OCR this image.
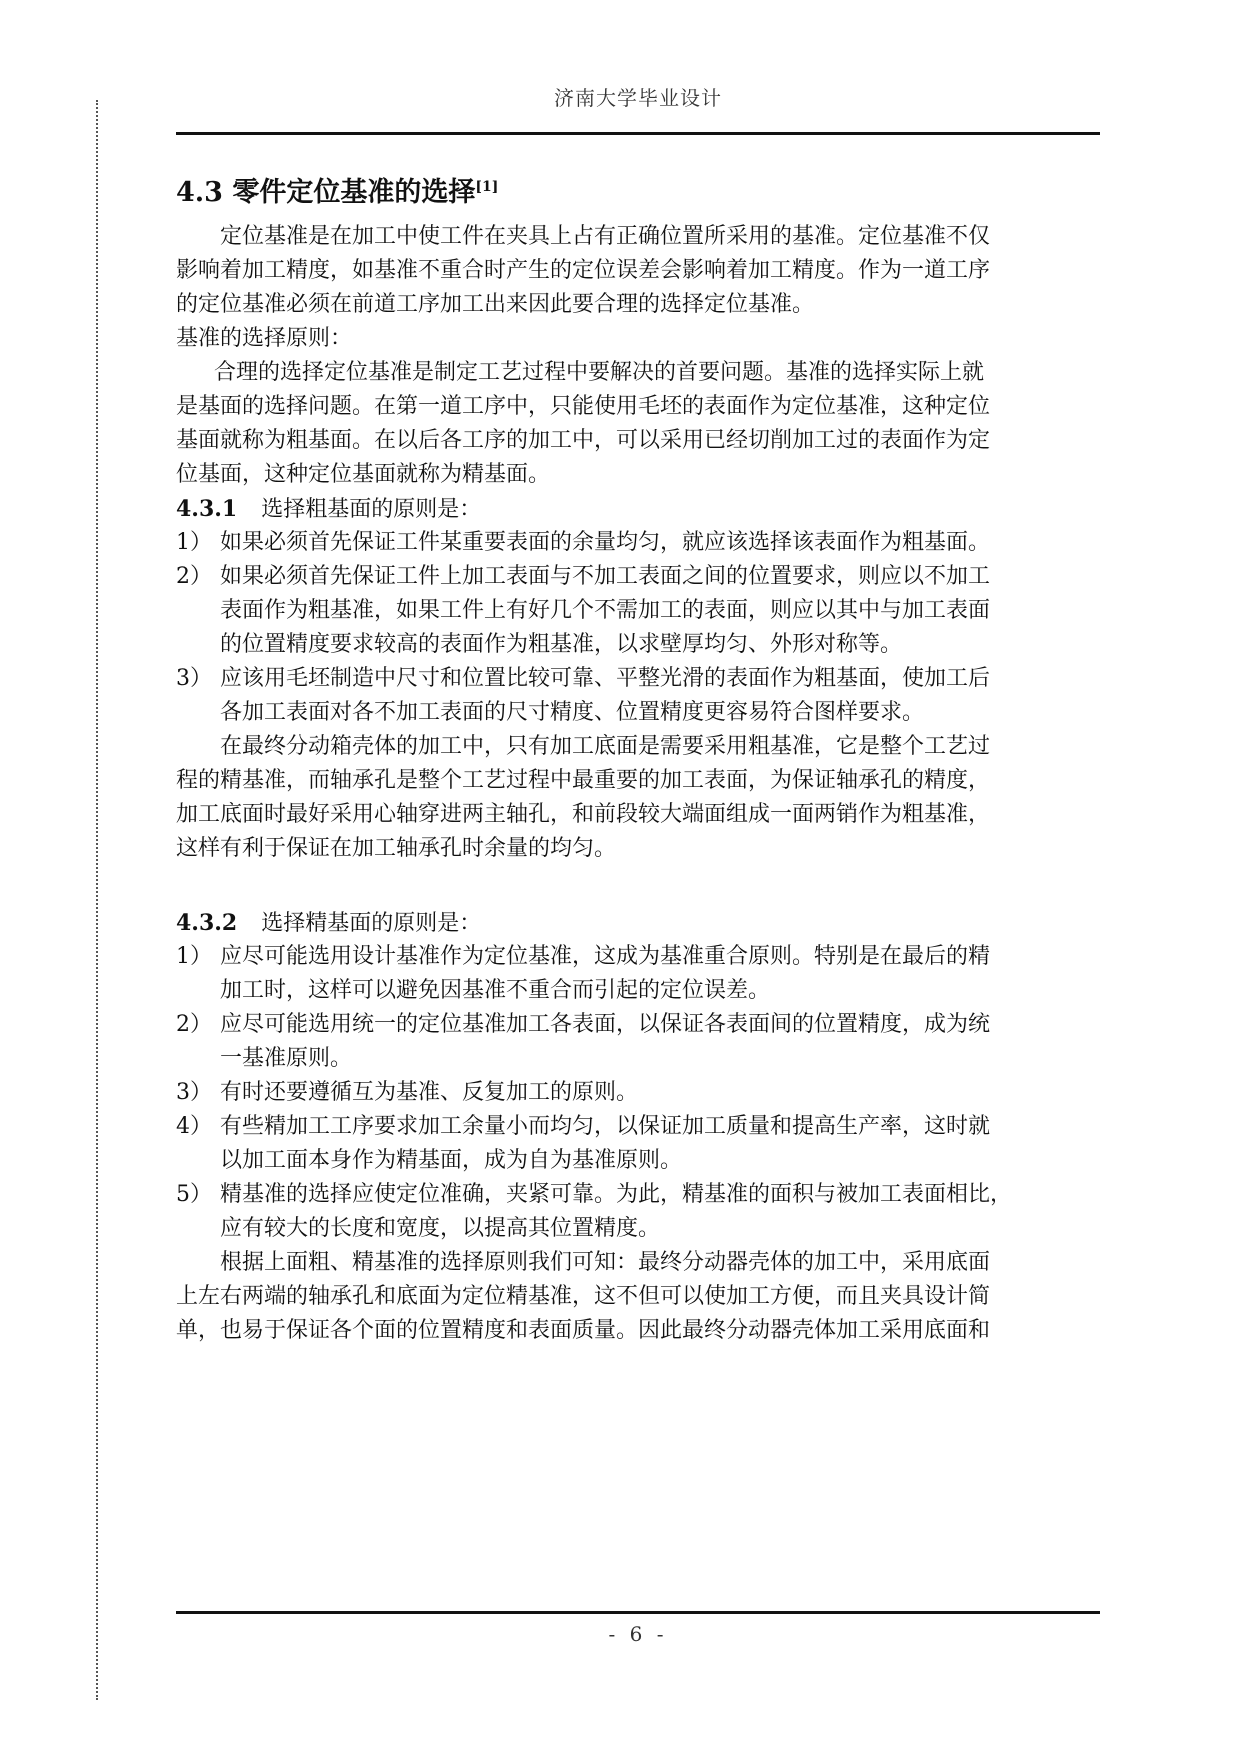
济南大学毕业设计
4.3 零件定位基准的选择[1]
定位基准是在加工中使工件在夹具上占有正确位置所采用的基准。定位基准不仅
影响着加工精度，如基准不重合时产生的定位误差会影响着加工精度。作为一道工序
的定位基准必须在前道工序加工出来因此要合理的选择定位基准。
基准的选择原则：
合理的选择定位基准是制定工艺过程中要解决的首要问题。基准的选择实际上就
是基面的选择问题。在第一道工序中，只能使用毛坯的表面作为定位基准，这种定位
基面就称为粗基面。在以后各工序的加工中，可以采用已经切削加工过的表面作为定
位基面，这种定位基面就称为精基面。
4.3.1 选择粗基面的原则是：
1） 如果必须首先保证工件某重要表面的余量均匀，就应该选择该表面作为粗基面。
2） 如果必须首先保证工件上加工表面与不加工表面之间的位置要求，则应以不加工
表面作为粗基准，如果工件上有好几个不需加工的表面，则应以其中与加工表面
的位置精度要求较高的表面作为粗基准，以求壁厚均匀、外形对称等。
3） 应该用毛坯制造中尺寸和位置比较可靠、平整光滑的表面作为粗基面，使加工后
各加工表面对各不加工表面的尺寸精度、位置精度更容易符合图样要求。
在最终分动箱壳体的加工中，只有加工底面是需要采用粗基准，它是整个工艺过
程的精基准，而轴承孔是整个工艺过程中最重要的加工表面，为保证轴承孔的精度，
加工底面时最好采用心轴穿进两主轴孔，和前段较大端面组成一面两销作为粗基准，
这样有利于保证在加工轴承孔时余量的均匀。
4.3.2 选择精基面的原则是：
1） 应尽可能选用设计基准作为定位基准，这成为基准重合原则。特别是在最后的精
加工时，这样可以避免因基准不重合而引起的定位误差。
2） 应尽可能选用统一的定位基准加工各表面，以保证各表面间的位置精度，成为统
一基准原则。
3） 有时还要遵循互为基准、反复加工的原则。
4） 有些精加工工序要求加工余量小而均匀，以保证加工质量和提高生产率，这时就
以加工面本身作为精基面，成为自为基准原则。
5） 精基准的选择应使定位准确，夹紧可靠。为此，精基准的面积与被加工表面相比，
应有较大的长度和宽度，以提高其位置精度。
根据上面粗、精基准的选择原则我们可知：最终分动器壳体的加工中，采用底面
上左右两端的轴承孔和底面为定位精基准，这不但可以使加工方便，而且夹具设计简
单，也易于保证各个面的位置精度和表面质量。因此最终分动器壳体加工采用底面和
- 6 -
